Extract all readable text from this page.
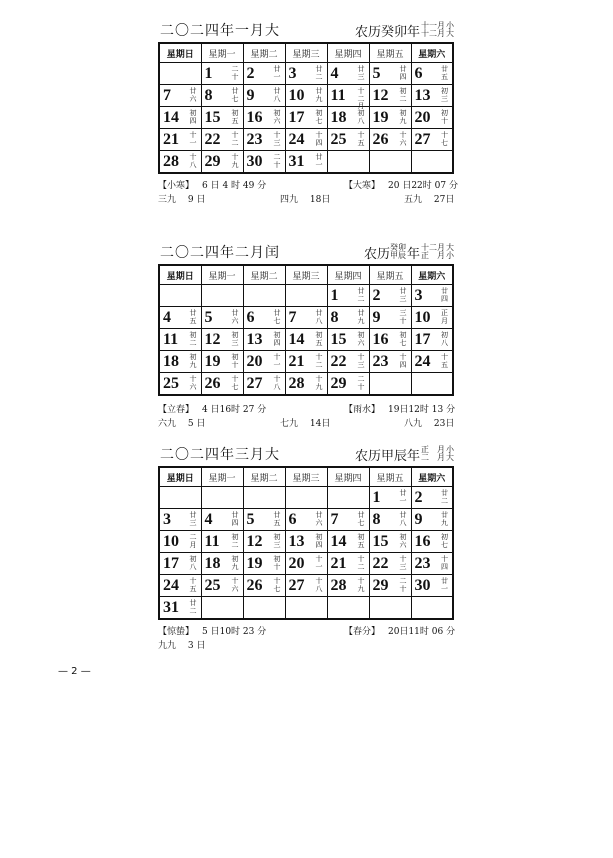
二〇二四年一月大	农历癸卯年 十一月
十二月
小
大
星期日	星期一	星期二	星期三	星期四	星期五	星期六

	1 二十	2 廿一	3 廿二	4 廿三	5 廿四	6 廿五

7 廿六	8 廿七	9 廿八	10 廿九	11 十二月	12 初二	13 初三

14 初四	15 初五	16 初六	17 初七	18 初八	19 初九	20 初十

21 十一	22 十二	23 十三	24 十四	25 十五	26 十六	27 十七

28 十八	29 十九	30 二十	31 廿一			

【小寒】 6 日 4 时 49 分	【大寒】 20 日22时 07 分
三九　 9 日	四九　 18日	五九　 27日
二〇二四年二月闰	农历 癸卯
甲辰 年 十二月
正　月
大
小
星期日	星期一	星期二	星期三	星期四	星期五	星期六

				1 廿二	2 廿三	3 廿四

4 廿五	5 廿六	6 廿七	7 廿八	8 廿九	9 三十	10 正月

11 初二	12 初三	13 初四	14 初五	15 初六	16 初七	17 初八

18 初九	19 初十	20 十一	21 十二	22 十三	23 十四	24 十五

25 十六	26 十七	27 十八	28 十九	29 二十		

【立春】 4 日16时 27 分	【雨水】 19日12时 13 分
六九　 5 日	七九　 14日	八九　 23日
二〇二四年三月大	农历甲辰年 正　月
二　月
小
大
星期日	星期一	星期二	星期三	星期四	星期五	星期六

					1 廿一	2 廿二

3 廿三	4 廿四	5 廿五	6 廿六	7 廿七	8 廿八	9 廿九

10 二月	11 初二	12 初三	13 初四	14 初五	15 初六	16 初七

17 初八	18 初九	19 初十	20 十一	21 十二	22 十三	23 十四

24 十五	25 十六	26 十七	27 十八	28 十九	29 二十	30 廿一

31 廿二						

【惊蛰】 5 日10时 23 分	【春分】 20日11时 06 分
九九　 3 日
— 2 —
